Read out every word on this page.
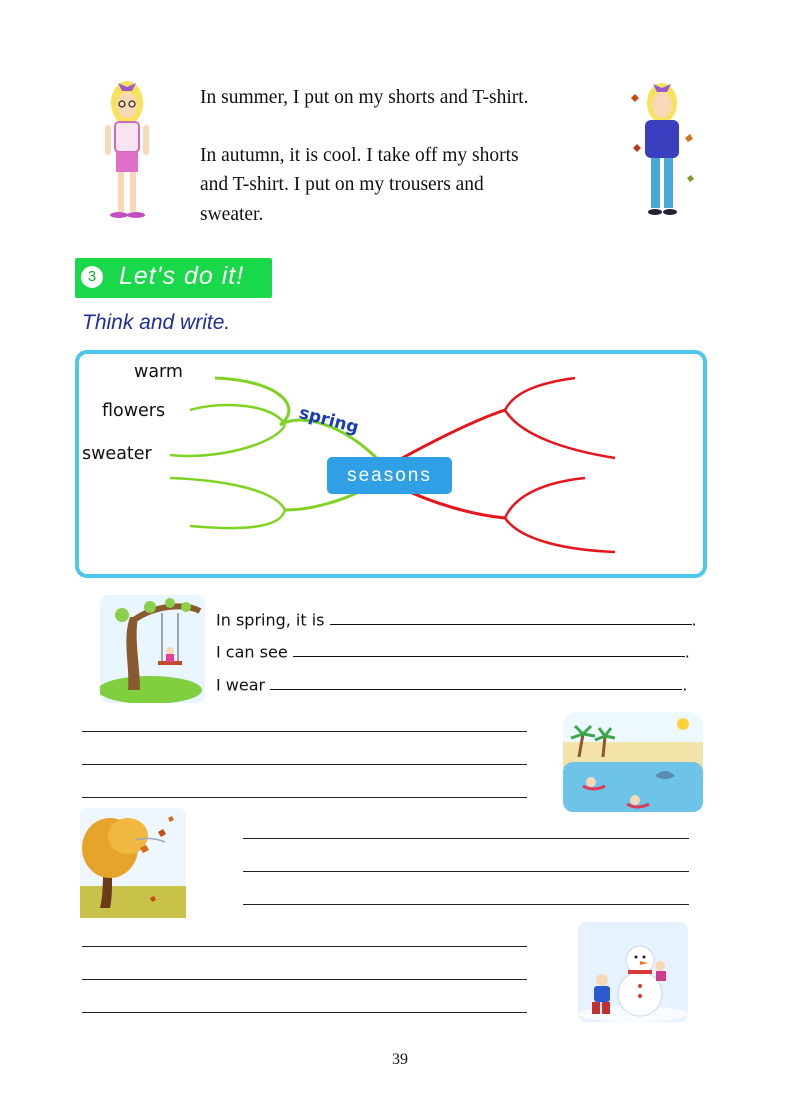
In summer, I put on my shorts and T-shirt.

In autumn, it is cool. I take off my shorts

and T-shirt. I put on my trousers and

sweater.

3 Let's do it!
Think and write.
warm
flowers
sweater
spring
seasons
In spring, it is	.
I can see	.
I wear	.
39
